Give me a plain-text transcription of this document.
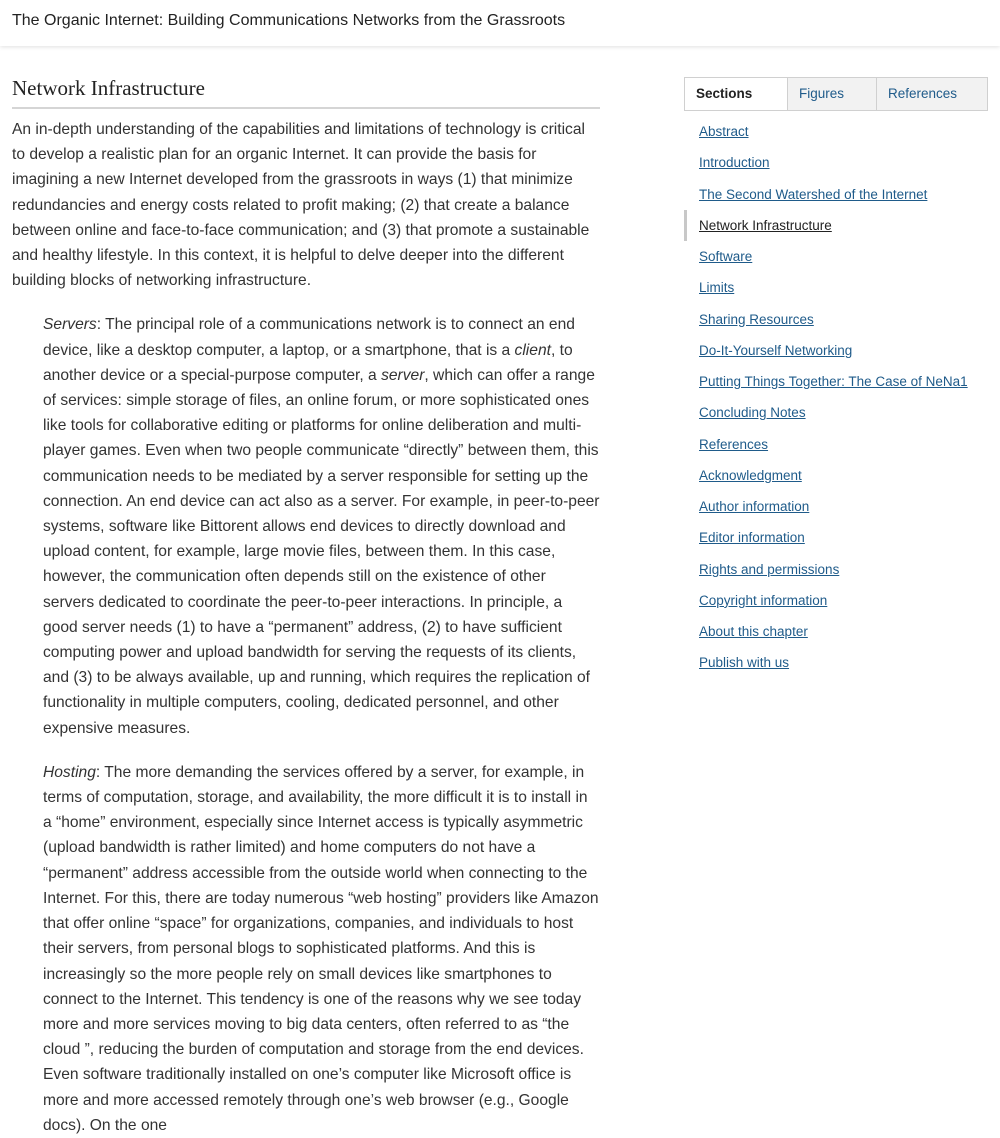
The Organic Internet: Building Communications Networks from the Grassroots
Network Infrastructure

An in-depth understanding of the capabilities and limitations of technology is critical to develop a realistic plan for an organic Internet. It can provide the basis for imagining a new Internet developed from the grassroots in ways (1) that minimize redundancies and energy costs related to profit making; (2) that create a balance between online and face-to-face communication; and (3) that promote a sustainable and healthy lifestyle. In this context, it is helpful to delve deeper into the different building blocks of networking infrastructure.

Servers: The principal role of a communications network is to connect an end device, like a desktop computer, a laptop, or a smartphone, that is a client, to another device or a special-purpose computer, a server, which can offer a range of services: simple storage of files, an online forum, or more sophisticated ones like tools for collaborative editing or platforms for online deliberation and multi-player games. Even when two people communicate “directly” between them, this communication needs to be mediated by a server responsible for setting up the connection. An end device can act also as a server. For example, in peer-to-peer systems, software like Bittorent allows end devices to directly download and upload content, for example, large movie files, between them. In this case, however, the communication often depends still on the existence of other servers dedicated to coordinate the peer-to-peer interactions. In principle, a good server needs (1) to have a “permanent” address, (2) to have sufficient computing power and upload bandwidth for serving the requests of its clients, and (3) to be always available, up and running, which requires the replication of functionality in multiple computers, cooling, dedicated personnel, and other expensive measures.

Hosting: The more demanding the services offered by a server, for example, in terms of computation, storage, and availability, the more difficult it is to install in a “home” environment, especially since Internet access is typically asymmetric (upload bandwidth is rather limited) and home computers do not have a “permanent” address accessible from the outside world when connecting to the Internet. For this, there are today numerous “web hosting” providers like Amazon that offer online “space” for organizations, companies, and individuals to host their servers, from personal blogs to sophisticated platforms. And this is increasingly so the more people rely on small devices like smartphones to connect to the Internet. This tendency is one of the reasons why we see today more and more services moving to big data centers, often referred to as “the cloud ”, reducing the burden of computation and storage from the end devices. Even software traditionally installed on one’s computer like Microsoft office is more and more accessed remotely through one’s web browser (e.g., Google docs). On the one

Sections	Figures	References
Abstract
Introduction
The Second Watershed of the Internet
Network Infrastructure
Software
Limits
Sharing Resources
Do-It-Yourself Networking
Putting Things Together: The Case of NeNa1
Concluding Notes
References
Acknowledgment
Author information
Editor information
Rights and permissions
Copyright information
About this chapter
Publish with us
